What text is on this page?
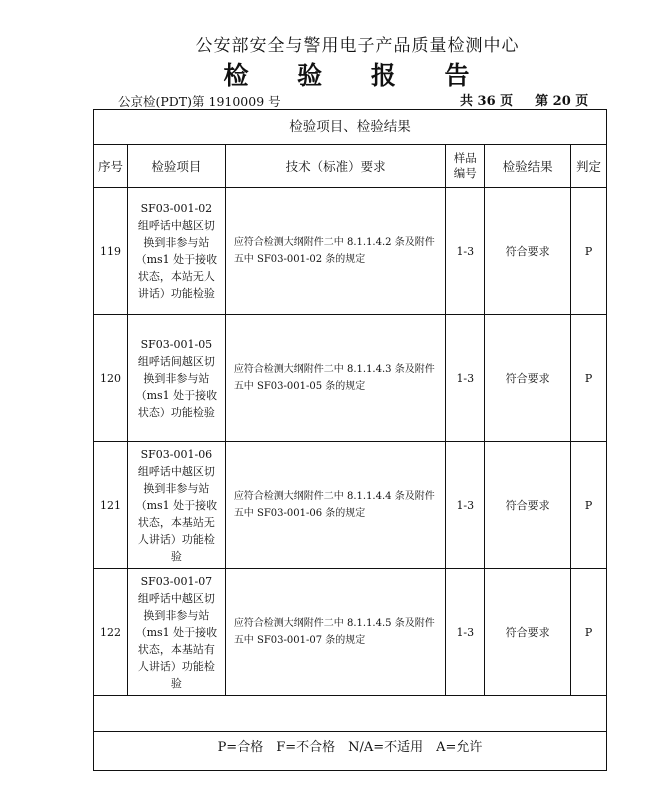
公安部安全与警用电子产品质量检测中心
检 验 报 告
公京检(PDT)第 1910009 号	共 36 页 第 20 页
检验项目、检验结果
序号	检验项目	技术（标准）要求	样品编号	检验结果	判定
119	SF03-001-02 组呼话中越区切换到非参与站（ms1 处于接收状态，本站无人讲话）功能检验	应符合检测大纲附件二中 8.1.1.4.2 条及附件五中 SF03-001-02 条的规定	1-3	符合要求	P
120	SF03-001-05 组呼话间越区切换到非参与站（ms1 处于接收状态）功能检验	应符合检测大纲附件二中 8.1.1.4.3 条及附件五中 SF03-001-05 条的规定	1-3	符合要求	P
121	SF03-001-06 组呼话中越区切换到非参与站（ms1 处于接收状态，本基站无人讲话）功能检验	应符合检测大纲附件二中 8.1.1.4.4 条及附件五中 SF03-001-06 条的规定	1-3	符合要求	P
122	SF03-001-07 组呼话中越区切换到非参与站（ms1 处于接收状态，本基站有人讲话）功能检验	应符合检测大纲附件二中 8.1.1.4.5 条及附件五中 SF03-001-07 条的规定	1-3	符合要求	P
P=合格　F=不合格　N/A=不适用　A=允许
